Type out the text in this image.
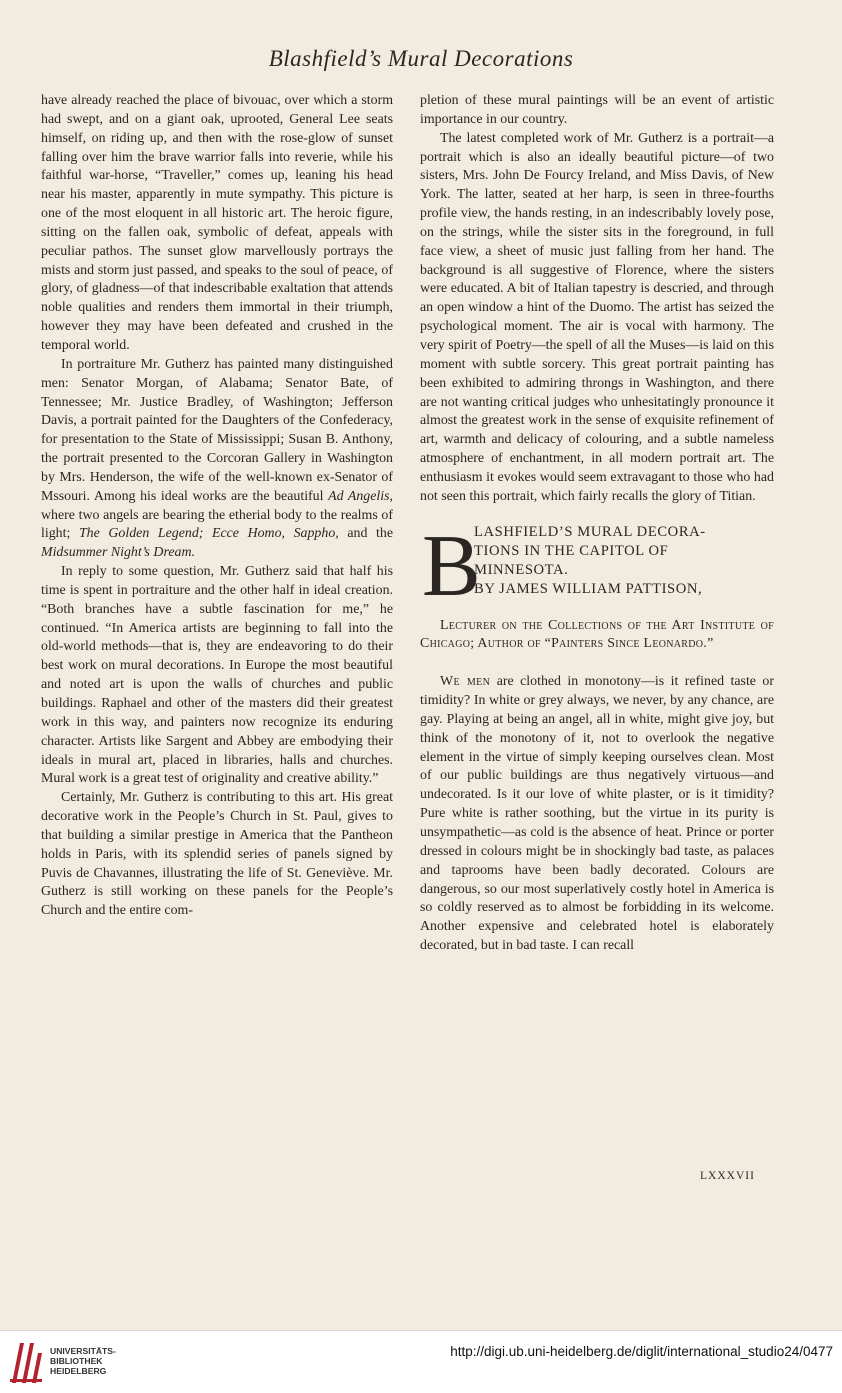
Blashfield’s Mural Decorations

have already reached the place of bivouac, over which a storm had swept, and on a giant oak, uprooted, General Lee seats himself, on riding up, and then with the rose-glow of sunset falling over him the brave warrior falls into reverie, while his faithful war-horse, “Traveller,” comes up, leaning his head near his master, apparently in mute sympathy. This picture is one of the most eloquent in all historic art. The heroic figure, sitting on the fallen oak, symbolic of defeat, appeals with peculiar pathos. The sunset glow marvellously portrays the mists and storm just passed, and speaks to the soul of peace, of glory, of gladness—of that indescribable exaltation that attends noble qualities and renders them immortal in their triumph, however they may have been defeated and crushed in the temporal world.

In portraiture Mr. Gutherz has painted many distinguished men: Senator Morgan, of Alabama; Senator Bate, of Tennessee; Mr. Justice Bradley, of Washington; Jefferson Davis, a portrait painted for the Daughters of the Confederacy, for presentation to the State of Mississippi; Susan B. Anthony, the portrait presented to the Corcoran Gallery in Washington by Mrs. Henderson, the wife of the well-known ex-Senator of Mssouri. Among his ideal works are the beautiful Ad Angelis, where two angels are bearing the etherial body to the realms of light; The Golden Legend; Ecce Homo, Sappho, and the Midsummer Night’s Dream.

In reply to some question, Mr. Gutherz said that half his time is spent in portraiture and the other half in ideal creation. “Both branches have a subtle fascination for me,” he continued. “In America artists are beginning to fall into the old-world methods—that is, they are endeavoring to do their best work on mural decorations. In Europe the most beautiful and noted art is upon the walls of churches and public buildings. Raphael and other of the masters did their greatest work in this way, and painters now recognize its enduring character. Artists like Sargent and Abbey are embodying their ideals in mural art, placed in libraries, halls and churches. Mural work is a great test of originality and creative ability.”

Certainly, Mr. Gutherz is contributing to this art. His great decorative work in the People’s Church in St. Paul, gives to that building a similar prestige in America that the Pantheon holds in Paris, with its splendid series of panels signed by Puvis de Chavannes, illustrating the life of St. Geneviève. Mr. Gutherz is still working on these panels for the People’s Church and the entire com-

pletion of these mural paintings will be an event of artistic importance in our country.

The latest completed work of Mr. Gutherz is a portrait—a portrait which is also an ideally beautiful picture—of two sisters, Mrs. John De Fourcy Ireland, and Miss Davis, of New York. The latter, seated at her harp, is seen in three-fourths profile view, the hands resting, in an indescribably lovely pose, on the strings, while the sister sits in the foreground, in full face view, a sheet of music just falling from her hand. The background is all suggestive of Florence, where the sisters were educated. A bit of Italian tapestry is descried, and through an open window a hint of the Duomo. The artist has seized the psychological moment. The air is vocal with harmony. The very spirit of Poetry—the spell of all the Muses—is laid on this moment with subtle sorcery. This great portrait painting has been exhibited to admiring throngs in Washington, and there are not wanting critical judges who unhesitatingly pronounce it almost the greatest work in the sense of exquisite refinement of art, warmth and delicacy of colouring, and a subtle nameless atmosphere of enchantment, in all modern portrait art. The enthusiasm it evokes would seem extravagant to those who had not seen this portrait, which fairly recalls the glory of Titian.

B
LASHFIELD’S MURAL DECORA-
TIONS IN THE CAPITOL OF
MINNESOTA.
BY JAMES WILLIAM PATTISON,

Lecturer on the Collections of the Art Institute of Chicago; Author of “Painters Since Leonardo.”

We men are clothed in monotony—is it refined taste or timidity? In white or grey always, we never, by any chance, are gay. Playing at being an angel, all in white, might give joy, but think of the monotony of it, not to overlook the negative element in the virtue of simply keeping ourselves clean. Most of our public buildings are thus negatively virtuous—and undecorated. Is it our love of white plaster, or is it timidity? Pure white is rather soothing, but the virtue in its purity is unsympathetic—as cold is the absence of heat. Prince or porter dressed in colours might be in shockingly bad taste, as palaces and taprooms have been badly decorated. Colours are dangerous, so our most superlatively costly hotel in America is so coldly reserved as to almost be forbidding in its welcome. Another expensive and celebrated hotel is elaborately decorated, but in bad taste. I can recall

LXXXVII
UNIVERSITÄTS-
BIBLIOTHEK
HEIDELBERG
http://digi.ub.uni-heidelberg.de/diglit/international_studio24/0477
